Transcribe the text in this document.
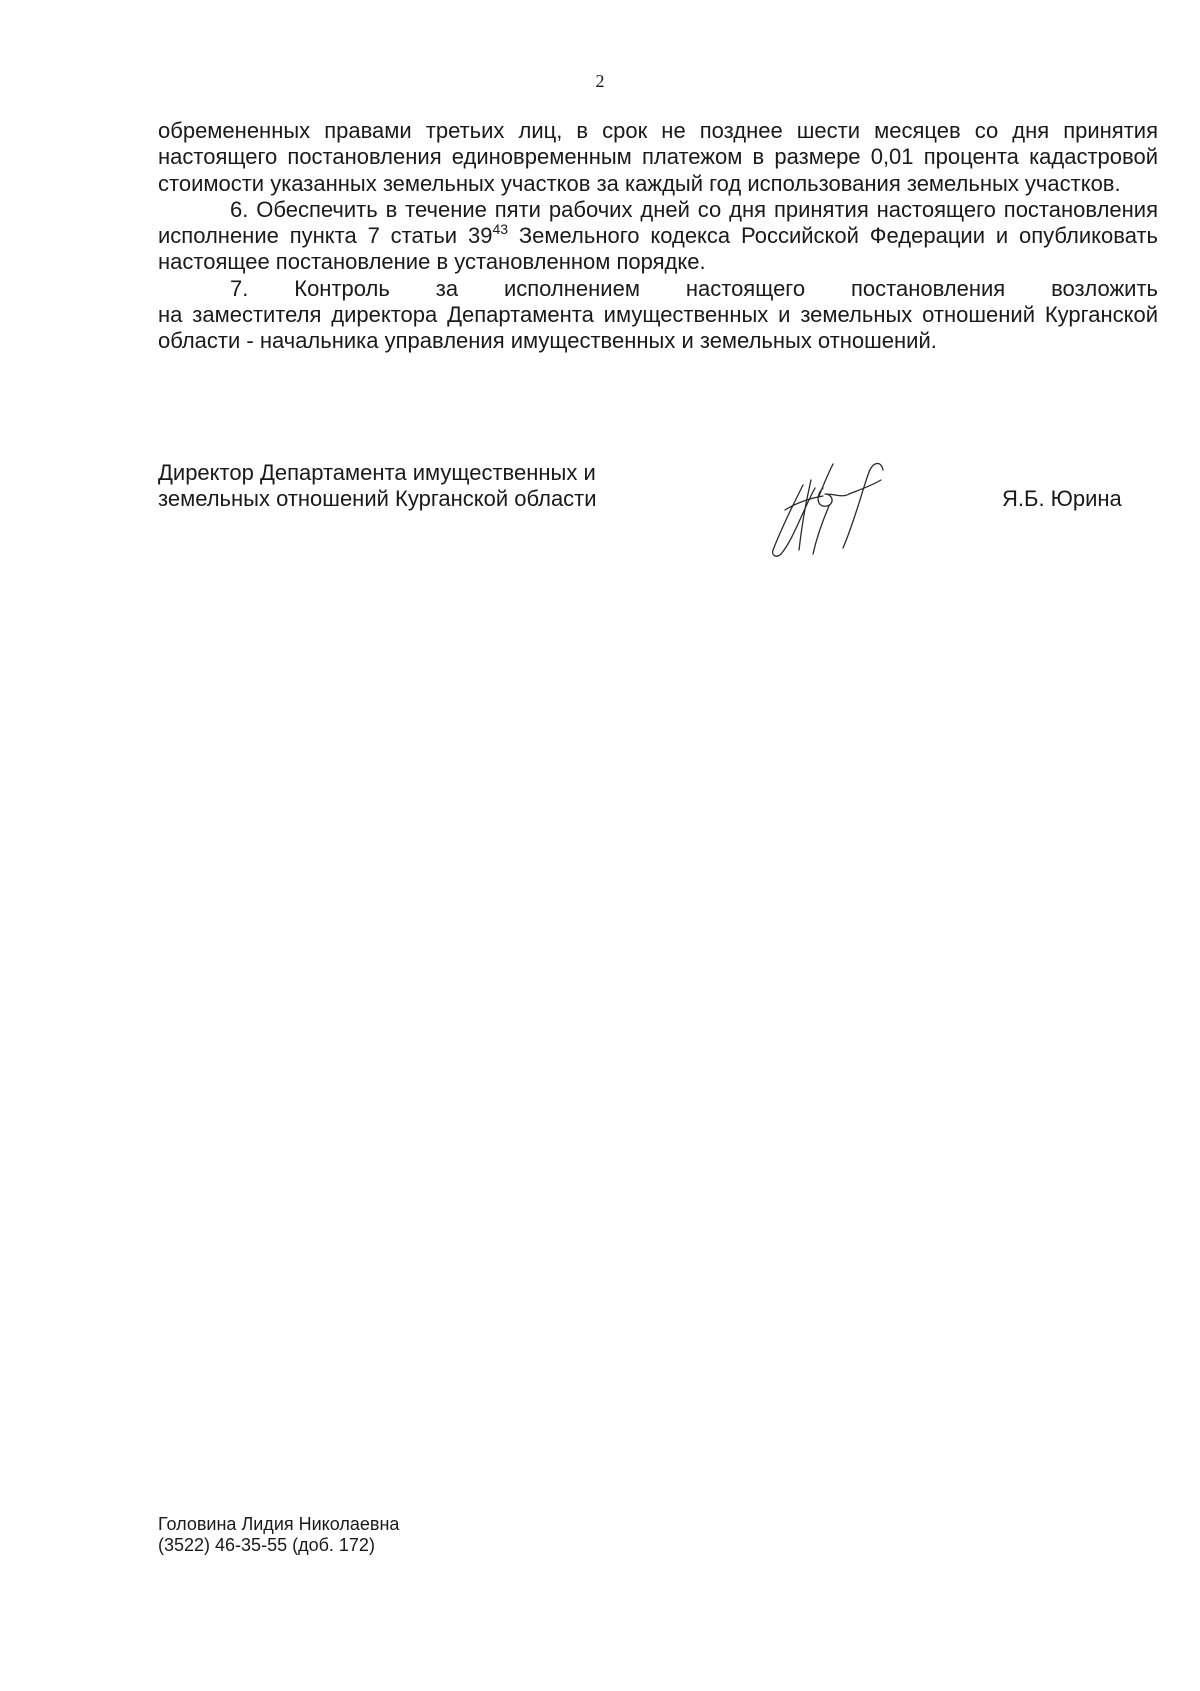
2

обремененных правами третьих лиц, в срок не позднее шести месяцев со дня принятия настоящего постановления единовременным платежом в размере 0,01 процента кадастровой стоимости указанных земельных участков за каждый год использования земельных участков.

6. Обеспечить в течение пяти рабочих дней со дня принятия настоящего постановления исполнение пункта 7 статьи $39^{43}$ Земельного кодекса Российской Федерации и опубликовать настоящее постановление в установленном порядке.

7. Контроль за исполнением настоящего постановления возложить

на заместителя директора Департамента имущественных и земельных отношений Курганской области - начальника управления имущественных и земельных отношений.

Директор Департамента имущественных и
земельных отношений Курганской области	Я.Б. Юрина
Головина Лидия Николаевна
(3522) 46-35-55 (доб. 172)
